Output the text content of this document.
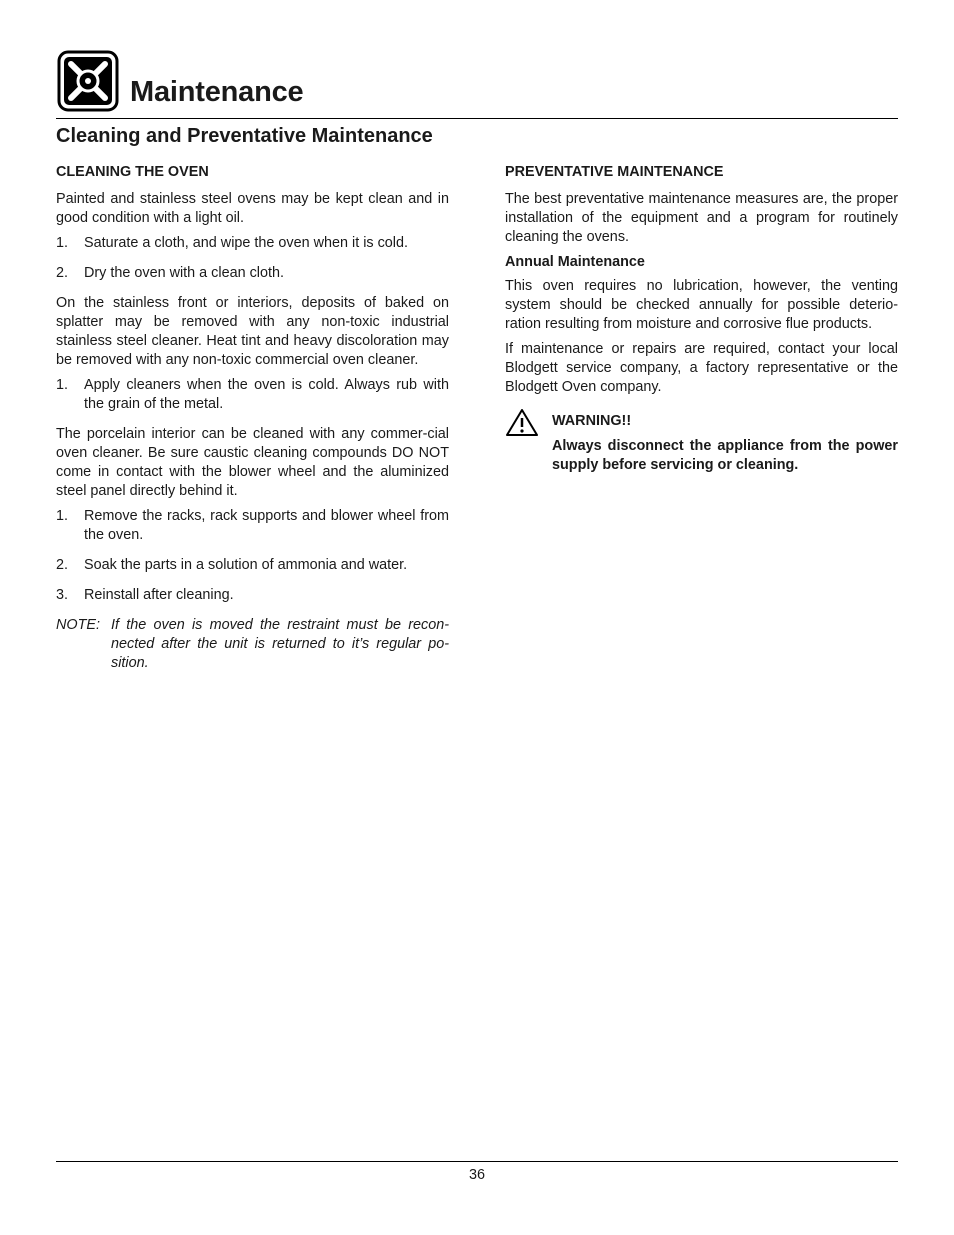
Maintenance
Cleaning and Preventative Maintenance
CLEANING THE OVEN

Painted and stainless steel ovens may be kept clean and in good condition with a light oil.

1. Saturate a cloth, and wipe the oven when it is cold.
2. Dry the oven with a clean cloth.

On the stainless front or interiors, deposits of baked on splatter may be removed with any non-toxic industrial stainless steel cleaner. Heat tint and heavy discoloration may be removed with any non-toxic commercial oven cleaner.

1. Apply cleaners when the oven is cold. Always rub with the grain of the metal.

The porcelain interior can be cleaned with any commer-cial oven cleaner. Be sure caustic cleaning compounds DO NOT come in contact with the blower wheel and the aluminized steel panel directly behind it.

1. Remove the racks, rack supports and blower wheel from the oven.
2. Soak the parts in a solution of ammonia and water.
3. Reinstall after cleaning.
NOTE: If the oven is moved the restraint must be recon-nected after the unit is returned to it’s regular po-sition.
PREVENTATIVE MAINTENANCE

The best preventative maintenance measures are, the proper installation of the equipment and a program for routinely cleaning the ovens.

Annual Maintenance

This oven requires no lubrication, however, the venting system should be checked annually for possible deterio-ration resulting from moisture and corrosive flue products.

If maintenance or repairs are required, contact your local Blodgett service company, a factory representative or the Blodgett Oven company.

WARNING!!

Always disconnect the appliance from the power supply before servicing or cleaning.

36
